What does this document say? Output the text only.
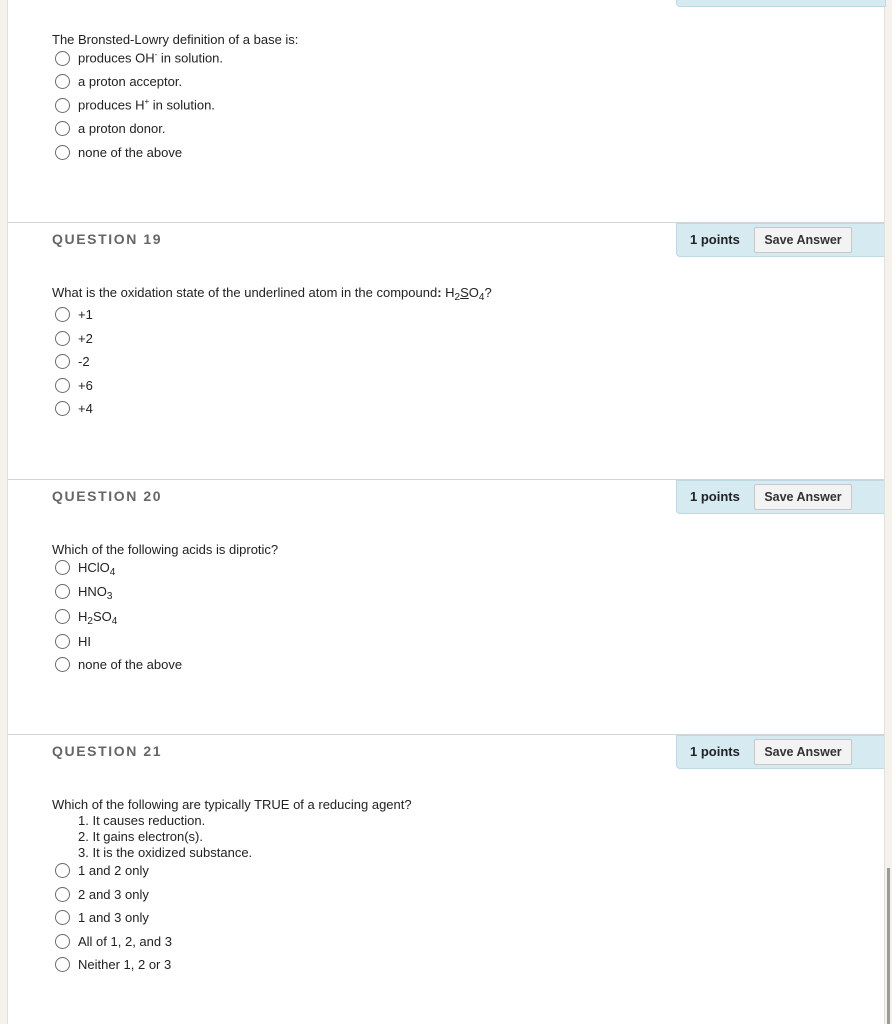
The Bronsted-Lowry definition of a base is:
produces OH- in solution.
a proton acceptor.
produces H+ in solution.
a proton donor.
none of the above
QUESTION 19	1 points	Save Answer
What is the oxidation state of the underlined atom in the compound: $H_2SO_4$?
+1
+2
-2
+6
+4
QUESTION 20	1 points	Save Answer
Which of the following acids is diprotic?
HClO$_4$
$HNO_3$
$H_2SO_4$
HI
none of the above
QUESTION 21	1 points	Save Answer
Which of the following are typically TRUE of a reducing agent?
1. It causes reduction.
2. It gains electron(s).
3. It is the oxidized substance.
1 and 2 only
2 and 3 only
1 and 3 only
All of 1, 2, and 3
Neither 1, 2 or 3
